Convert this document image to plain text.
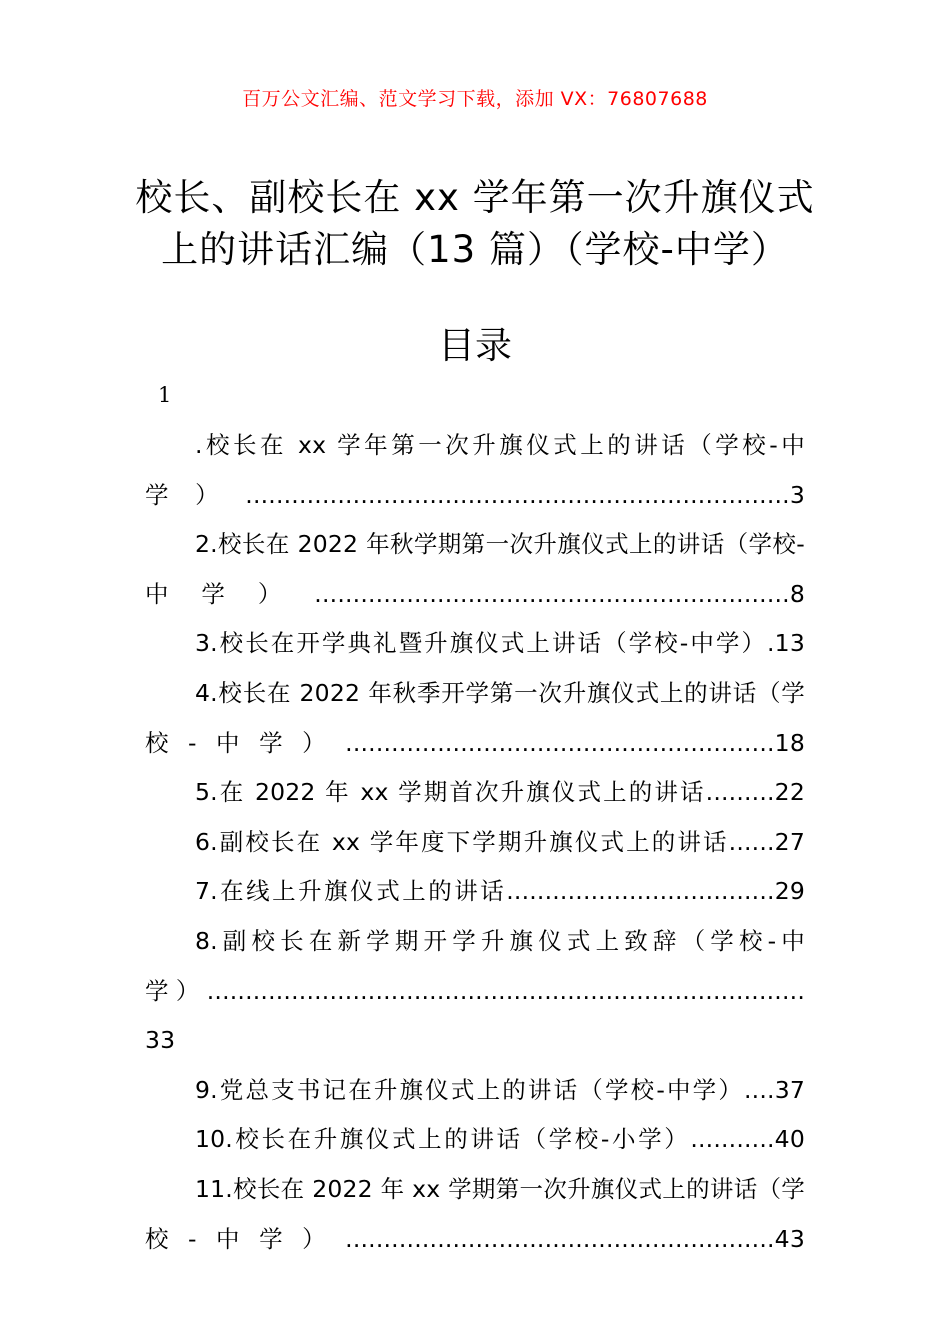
百万公文汇编、范文学习下载，添加 VX：76807688
校长、副校长在 xx 学年第一次升旗仪式上的讲话汇编（13 篇）（学校-中学）
目录
1
.校长在 xx 学年第一次升旗仪式上的讲话（学校-中学）.......................................................................3
2.校长在 2022 年秋学期第一次升旗仪式上的讲话（学校-中学）..............................................................8
3.校长在开学典礼暨升旗仪式上讲话（学校-中学）.13
4.校长在 2022 年秋季开学第一次升旗仪式上的讲话（学校-中学）........................................................18
5.在 2022 年 xx 学期首次升旗仪式上的讲话.........22
6.副校长在 xx 学年度下学期升旗仪式上的讲话......27
7.在线上升旗仪式上的讲话...................................29
8.副校长在新学期开学升旗仪式上致辞（学校-中学）..............................................................................33
9.党总支书记在升旗仪式上的讲话（学校-中学）....37
10.校长在升旗仪式上的讲话（学校-小学）...........40
11.校长在 2022 年 xx 学期第一次升旗仪式上的讲话（学校-中学）........................................................43
